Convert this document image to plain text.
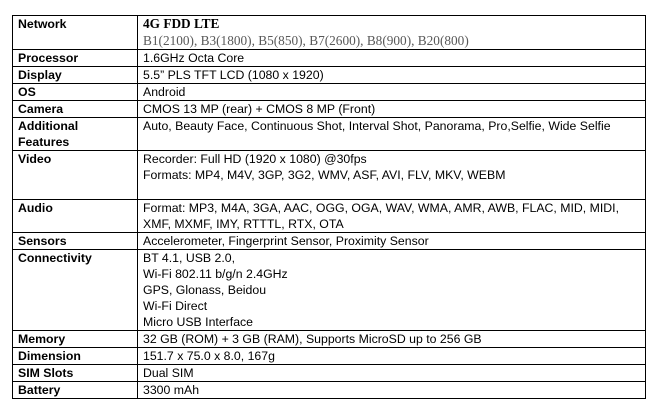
Network	4G FDD LTE
B1(2100), B3(1800), B5(850), B7(2600), B8(900), B20(800)

Processor	1.6GHz Octa Core

Display	5.5” PLS TFT LCD (1080 x 1920)

OS	Android

Camera	CMOS 13 MP (rear) + CMOS 8 MP (Front)

Additional Features	Auto, Beauty Face, Continuous Shot, Interval Shot, Panorama, Pro,Selfie, Wide Selfie

Video	Recorder: Full HD (1920 x 1080) @30fps
Formats: MP4, M4V, 3GP, 3G2, WMV, ASF, AVI, FLV, MKV, WEBM

Audio	Format: MP3, M4A, 3GA, AAC, OGG, OGA, WAV, WMA, AMR, AWB, FLAC, MID, MIDI, XMF, MXMF, IMY, RTTTL, RTX, OTA

Sensors	Accelerometer, Fingerprint Sensor, Proximity Sensor

Connectivity	BT 4.1, USB 2.0,
Wi-Fi 802.11 b/g/n 2.4GHz
GPS, Glonass, Beidou
Wi-Fi Direct
Micro USB Interface

Memory	32 GB (ROM) + 3 GB (RAM), Supports MicroSD up to 256 GB

Dimension	151.7 x 75.0 x 8.0, 167g

SIM Slots	Dual SIM

Battery	3300 mAh
